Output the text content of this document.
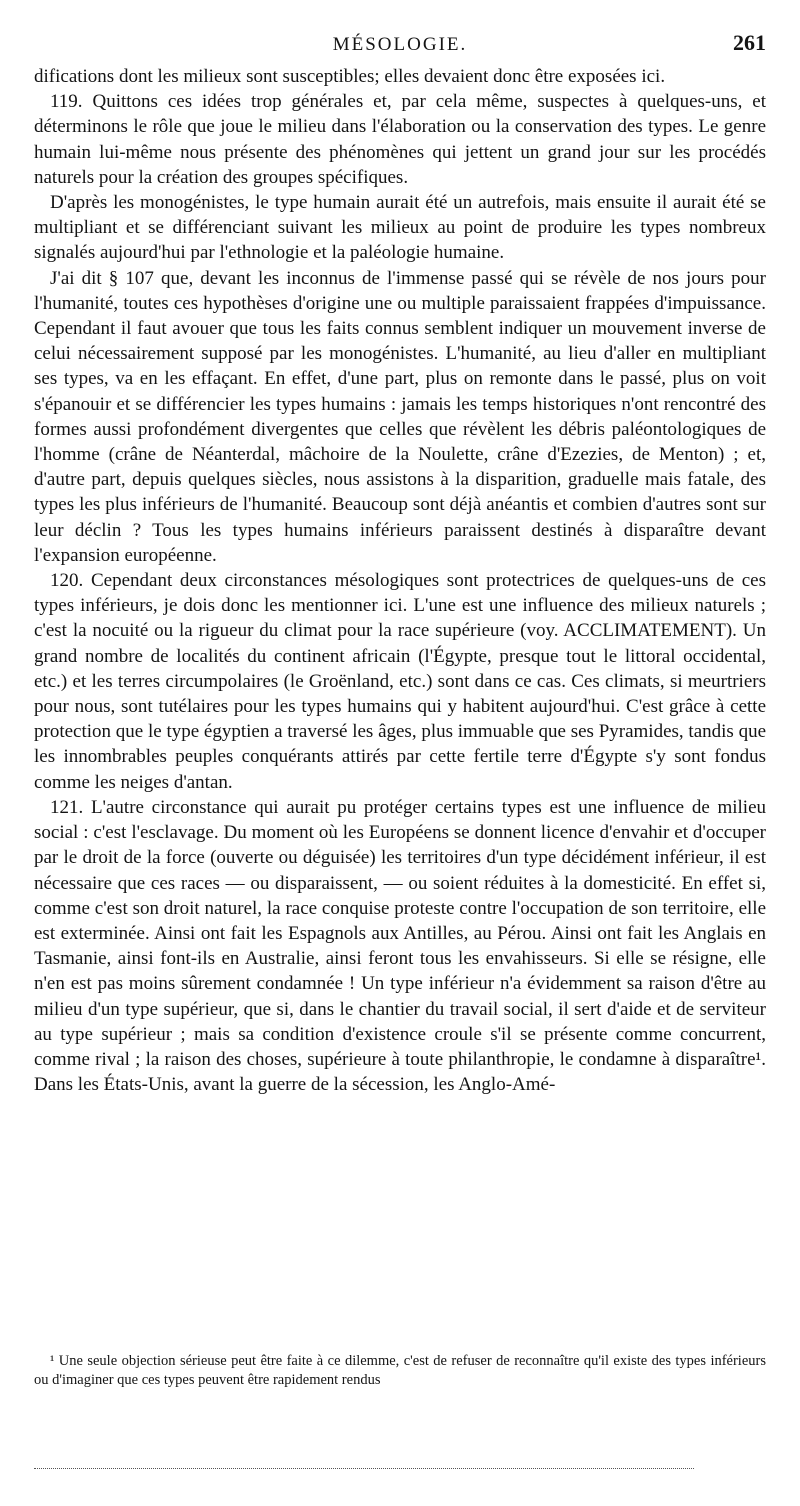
MÉSOLOGIE.	261

difications dont les milieux sont susceptibles; elles devaient donc être exposées ici.

119. Quittons ces idées trop générales et, par cela même, suspectes à quelques-uns, et déterminons le rôle que joue le milieu dans l'élaboration ou la conservation des types. Le genre humain lui-même nous présente des phénomènes qui jettent un grand jour sur les procédés naturels pour la création des groupes spécifiques.

D'après les monogénistes, le type humain aurait été un autrefois, mais ensuite il aurait été se multipliant et se différenciant suivant les milieux au point de produire les types nombreux signalés aujourd'hui par l'ethnologie et la paléologie humaine.

J'ai dit § 107 que, devant les inconnus de l'immense passé qui se révèle de nos jours pour l'humanité, toutes ces hypothèses d'origine une ou multiple paraissaient frappées d'impuissance. Cependant il faut avouer que tous les faits connus semblent indiquer un mouvement inverse de celui nécessairement supposé par les monogénistes. L'humanité, au lieu d'aller en multipliant ses types, va en les effaçant. En effet, d'une part, plus on remonte dans le passé, plus on voit s'épanouir et se différencier les types humains : jamais les temps historiques n'ont rencontré des formes aussi profondément divergentes que celles que révèlent les débris paléontologiques de l'homme (crâne de Néanterdal, mâchoire de la Noulette, crâne d'Ezezies, de Menton) ; et, d'autre part, depuis quelques siècles, nous assistons à la disparition, graduelle mais fatale, des types les plus inférieurs de l'humanité. Beaucoup sont déjà anéantis et combien d'autres sont sur leur déclin ? Tous les types humains inférieurs paraissent destinés à disparaître devant l'expansion européenne.

120. Cependant deux circonstances mésologiques sont protectrices de quelques-uns de ces types inférieurs, je dois donc les mentionner ici. L'une est une influence des milieux naturels ; c'est la nocuité ou la rigueur du climat pour la race supérieure (voy. ACCLIMATEMENT). Un grand nombre de localités du continent africain (l'Égypte, presque tout le littoral occidental, etc.) et les terres circumpolaires (le Groënland, etc.) sont dans ce cas. Ces climats, si meurtriers pour nous, sont tutélaires pour les types humains qui y habitent aujourd'hui. C'est grâce à cette protection que le type égyptien a traversé les âges, plus immuable que ses Pyramides, tandis que les innombrables peuples conquérants attirés par cette fertile terre d'Égypte s'y sont fondus comme les neiges d'antan.

121. L'autre circonstance qui aurait pu protéger certains types est une influence de milieu social : c'est l'esclavage. Du moment où les Européens se donnent licence d'envahir et d'occuper par le droit de la force (ouverte ou déguisée) les territoires d'un type décidément inférieur, il est nécessaire que ces races — ou disparaissent, — ou soient réduites à la domesticité. En effet si, comme c'est son droit naturel, la race conquise proteste contre l'occupation de son territoire, elle est exterminée. Ainsi ont fait les Espagnols aux Antilles, au Pérou. Ainsi ont fait les Anglais en Tasmanie, ainsi font-ils en Australie, ainsi feront tous les envahisseurs. Si elle se résigne, elle n'en est pas moins sûrement condamnée ! Un type inférieur n'a évidemment sa raison d'être au milieu d'un type supérieur, que si, dans le chantier du travail social, il sert d'aide et de serviteur au type supérieur ; mais sa condition d'existence croule s'il se présente comme concurrent, comme rival ; la raison des choses, supérieure à toute philanthropie, le condamne à disparaître¹. Dans les États-Unis, avant la guerre de la sécession, les Anglo-Amé-

¹ Une seule objection sérieuse peut être faite à ce dilemme, c'est de refuser de reconnaître qu'il existe des types inférieurs ou d'imaginer que ces types peuvent être rapidement rendus
